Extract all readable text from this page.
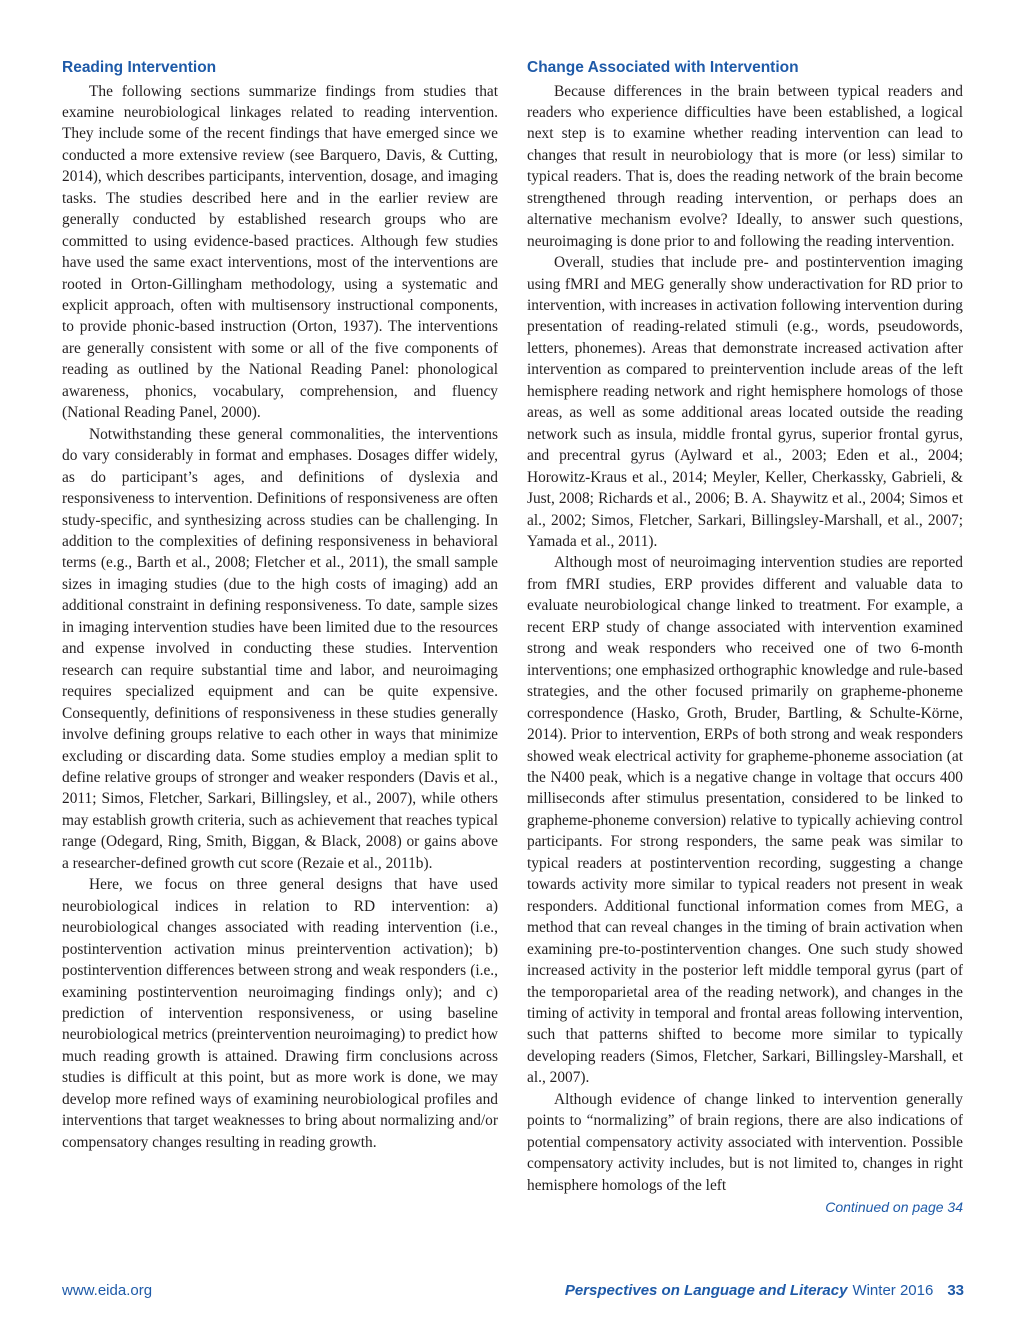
Reading Intervention

The following sections summarize findings from studies that examine neurobiological linkages related to reading intervention. They include some of the recent findings that have emerged since we conducted a more extensive review (see Barquero, Davis, & Cutting, 2014), which describes participants, intervention, dosage, and imaging tasks. The studies described here and in the earlier review are generally conducted by established research groups who are committed to using evidence-based practices. Although few studies have used the same exact interventions, most of the interventions are rooted in Orton-Gillingham methodology, using a systematic and explicit approach, often with multisensory instructional components, to provide phonic-based instruction (Orton, 1937). The interventions are generally consistent with some or all of the five components of reading as outlined by the National Reading Panel: phonological awareness, phonics, vocabulary, comprehension, and fluency (National Reading Panel, 2000).

Notwithstanding these general commonalities, the interventions do vary considerably in format and emphases. Dosages differ widely, as do participant’s ages, and definitions of dyslexia and responsiveness to intervention. Definitions of responsiveness are often study-specific, and synthesizing across studies can be challenging. In addition to the complexities of defining responsiveness in behavioral terms (e.g., Barth et al., 2008; Fletcher et al., 2011), the small sample sizes in imaging studies (due to the high costs of imaging) add an additional constraint in defining responsiveness. To date, sample sizes in imaging intervention studies have been limited due to the resources and expense involved in conducting these studies. Intervention research can require substantial time and labor, and neuroimaging requires specialized equipment and can be quite expensive. Consequently, definitions of responsiveness in these studies generally involve defining groups relative to each other in ways that minimize excluding or discarding data. Some studies employ a median split to define relative groups of stronger and weaker responders (Davis et al., 2011; Simos, Fletcher, Sarkari, Billingsley, et al., 2007), while others may establish growth criteria, such as achievement that reaches typical range (Odegard, Ring, Smith, Biggan, & Black, 2008) or gains above a researcher-defined growth cut score (Rezaie et al., 2011b).

Here, we focus on three general designs that have used neurobiological indices in relation to RD intervention: a) neurobiological changes associated with reading intervention (i.e., postintervention activation minus preintervention activation); b) postintervention differences between strong and weak responders (i.e., examining postintervention neuroimaging findings only); and c) prediction of intervention responsiveness, or using baseline neurobiological metrics (preintervention neuroimaging) to predict how much reading growth is attained. Drawing firm conclusions across studies is difficult at this point, but as more work is done, we may develop more refined ways of examining neurobiological profiles and interventions that target weaknesses to bring about normalizing and/or compensatory changes resulting in reading growth.

Change Associated with Intervention

Because differences in the brain between typical readers and readers who experience difficulties have been established, a logical next step is to examine whether reading intervention can lead to changes that result in neurobiology that is more (or less) similar to typical readers. That is, does the reading network of the brain become strengthened through reading intervention, or perhaps does an alternative mechanism evolve? Ideally, to answer such questions, neuroimaging is done prior to and following the reading intervention.

Overall, studies that include pre- and postintervention imaging using fMRI and MEG generally show underactivation for RD prior to intervention, with increases in activation following intervention during presentation of reading-related stimuli (e.g., words, pseudowords, letters, phonemes). Areas that demonstrate increased activation after intervention as compared to preintervention include areas of the left hemisphere reading network and right hemisphere homologs of those areas, as well as some additional areas located outside the reading network such as insula, middle frontal gyrus, superior frontal gyrus, and precentral gyrus (Aylward et al., 2003; Eden et al., 2004; Horowitz-Kraus et al., 2014; Meyler, Keller, Cherkassky, Gabrieli, & Just, 2008; Richards et al., 2006; B. A. Shaywitz et al., 2004; Simos et al., 2002; Simos, Fletcher, Sarkari, Billingsley-Marshall, et al., 2007; Yamada et al., 2011).

Although most of neuroimaging intervention studies are reported from fMRI studies, ERP provides different and valuable data to evaluate neurobiological change linked to treatment. For example, a recent ERP study of change associated with intervention examined strong and weak responders who received one of two 6-month interventions; one emphasized orthographic knowledge and rule-based strategies, and the other focused primarily on grapheme-phoneme correspondence (Hasko, Groth, Bruder, Bartling, & Schulte-Körne, 2014). Prior to intervention, ERPs of both strong and weak responders showed weak electrical activity for grapheme-phoneme association (at the N400 peak, which is a negative change in voltage that occurs 400 milliseconds after stimulus presentation, considered to be linked to grapheme-phoneme conversion) relative to typically achieving control participants. For strong responders, the same peak was similar to typical readers at postintervention recording, suggesting a change towards activity more similar to typical readers not present in weak responders. Additional functional information comes from MEG, a method that can reveal changes in the timing of brain activation when examining pre-to-postintervention changes. One such study showed increased activity in the posterior left middle temporal gyrus (part of the temporoparietal area of the reading network), and changes in the timing of activity in temporal and frontal areas following intervention, such that patterns shifted to become more similar to typically developing readers (Simos, Fletcher, Sarkari, Billingsley-Marshall, et al., 2007).

Although evidence of change linked to intervention generally points to “normalizing” of brain regions, there are also indications of potential compensatory activity associated with intervention. Possible compensatory activity includes, but is not limited to, changes in right hemisphere homologs of the left

Continued on page 34
www.eida.org	Perspectives on Language and Literacy Winter 2016 33
